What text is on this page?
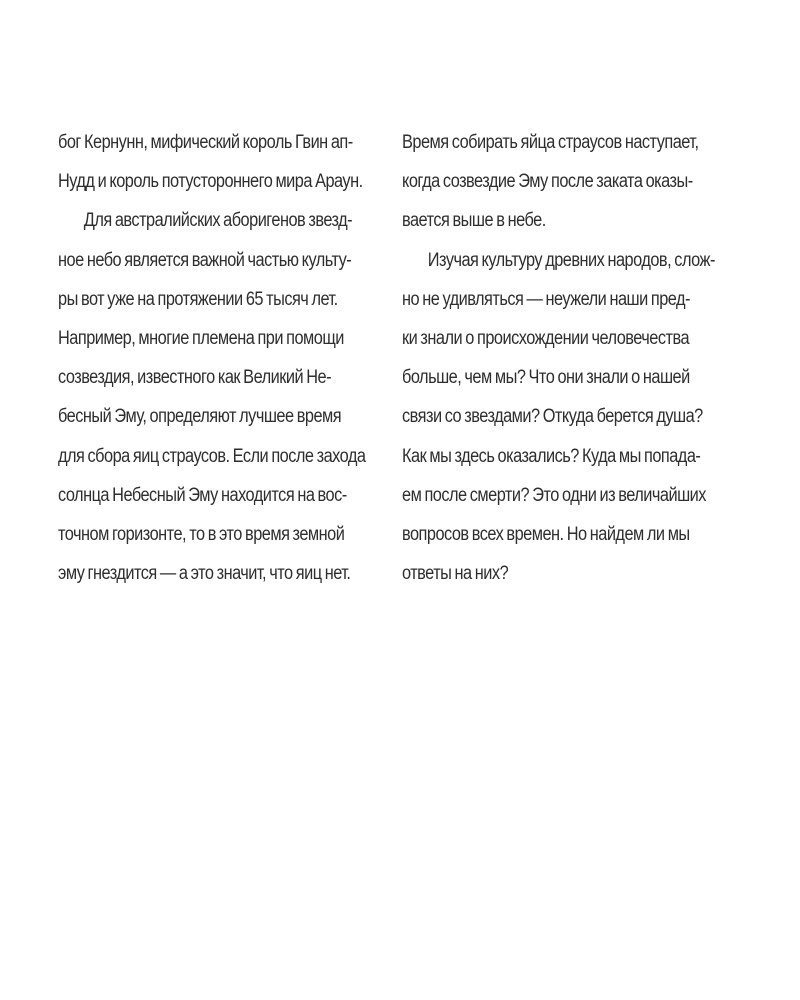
бог Кернунн, мифический король Гвин ап-
Нудд и король потустороннего мира Араун.
Для австралийских аборигенов звезд-
ное небо является важной частью культу-
ры вот уже на протяжении 65 тысяч лет.
Например, многие племена при помощи
созвездия, известного как Великий Не-
бесный Эму, определяют лучшее время
для сбора яиц страусов. Если после захода
солнца Небесный Эму находится на вос-
точном горизонте, то в это время земной
эму гнездится — а это значит, что яиц нет.
Время собирать яйца страусов наступает,
когда созвездие Эму после заката оказы-
вается выше в небе.
Изучая культуру древних народов, слож-
но не удивляться — неужели наши пред-
ки знали о происхождении человечества
больше, чем мы? Что они знали о нашей
связи со звездами? Откуда берется душа?
Как мы здесь оказались? Куда мы попада-
ем после смерти? Это одни из величайших
вопросов всех времен. Но найдем ли мы
ответы на них?
